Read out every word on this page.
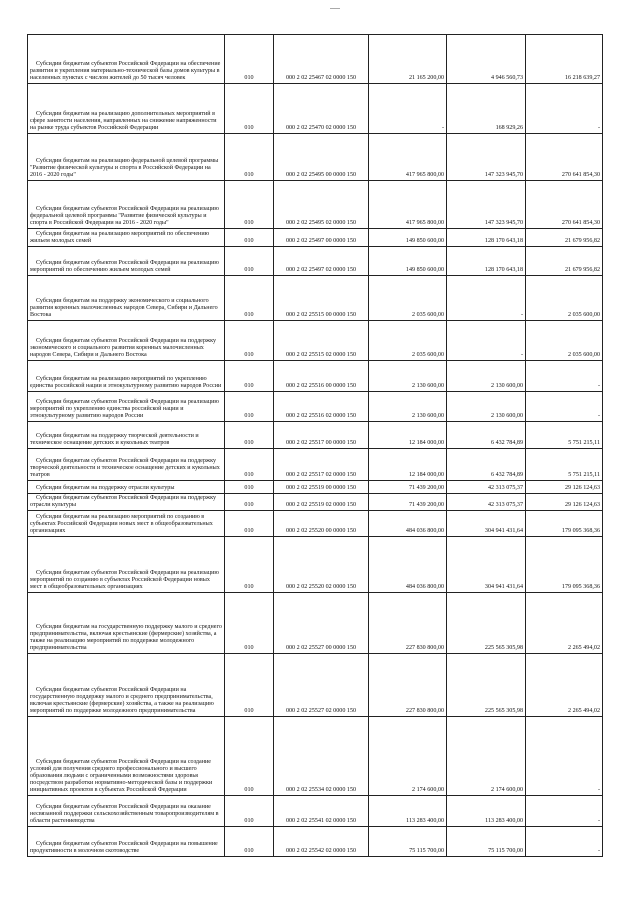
Субсидии бюджетам субъектов Российской Федерации на обеспечение развития и укрепления материально-технической базы домов культуры в населенных пунктах с числом жителей до 50 тысяч человек	010	000 2 02 25467 02 0000 150	21 165 200,00	4 946 560,73	16 218 639,27
Субсидии бюджетам на реализацию дополнительных мероприятий в сфере занятости населения, направленных на снижение напряженности на рынке труда субъектов Российской Федерации	010	000 2 02 25470 02 0000 150	-	168 929,26	-
Субсидии бюджетам на реализацию федеральной целевой программы "Развитие физической культуры и спорта в Российской Федерации на 2016 - 2020 годы"	010	000 2 02 25495 00 0000 150	417 965 800,00	147 323 945,70	270 641 854,30
Субсидии бюджетам субъектов Российской Федерации на реализацию федеральной целевой программы "Развитие физической культуры и спорта в Российской Федерации на 2016 - 2020 годы"	010	000 2 02 25495 02 0000 150	417 965 800,00	147 323 945,70	270 641 854,30
Субсидии бюджетам на реализацию мероприятий по обеспечению жильем молодых семей	010	000 2 02 25497 00 0000 150	149 850 600,00	128 170 643,18	21 679 956,82
Субсидии бюджетам субъектов Российской Федерации на реализацию мероприятий по обеспечению жильем молодых семей	010	000 2 02 25497 02 0000 150	149 850 600,00	128 170 643,18	21 679 956,82
Субсидии бюджетам на поддержку экономического и социального развития коренных малочисленных народов Севера, Сибири и Дальнего Востока	010	000 2 02 25515 00 0000 150	2 035 600,00	-	2 035 600,00
Субсидии бюджетам субъектов Российской Федерации на поддержку экономического и социального развития коренных малочисленных народов Севера, Сибири и Дальнего Востока	010	000 2 02 25515 02 0000 150	2 035 600,00	-	2 035 600,00
Субсидии бюджетам на реализацию мероприятий по укреплению единства российской нации и этнокультурному развитию народов России	010	000 2 02 25516 00 0000 150	2 130 600,00	2 130 600,00	-
Субсидии бюджетам субъектов Российской Федерации на реализацию мероприятий по укреплению единства российской нации и этнокультурному развитию народов России	010	000 2 02 25516 02 0000 150	2 130 600,00	2 130 600,00	-
Субсидии бюджетам на поддержку творческой деятельности и техническое оснащение детских и кукольных театров	010	000 2 02 25517 00 0000 150	12 184 000,00	6 432 784,89	5 751 215,11
Субсидии бюджетам субъектов Российской Федерации на поддержку творческой деятельности и техническое оснащение детских и кукольных театров	010	000 2 02 25517 02 0000 150	12 184 000,00	6 432 784,89	5 751 215,11
Субсидии бюджетам на поддержку отрасли культуры	010	000 2 02 25519 00 0000 150	71 439 200,00	42 313 075,37	29 126 124,63
Субсидии бюджетам субъектов Российской Федерации на поддержку отрасли культуры	010	000 2 02 25519 02 0000 150	71 439 200,00	42 313 075,37	29 126 124,63
Субсидии бюджетам на реализацию мероприятий по созданию в субъектах Российской Федерации новых мест в общеобразовательных организациях	010	000 2 02 25520 00 0000 150	484 036 800,00	304 941 431,64	179 095 368,36
Субсидии бюджетам субъектов Российской Федерации на реализацию мероприятий по созданию в субъектах Российской Федерации новых мест в общеобразовательных организациях	010	000 2 02 25520 02 0000 150	484 036 800,00	304 941 431,64	179 095 368,36
Субсидии бюджетам на государственную поддержку малого и среднего предпринимательства, включая крестьянские (фермерские) хозяйства, а также на реализацию мероприятий по поддержке молодежного предпринимательства	010	000 2 02 25527 00 0000 150	227 830 800,00	225 565 305,98	2 265 494,02
Субсидии бюджетам субъектов Российской Федерации на государственную поддержку малого и среднего предпринимательства, включая крестьянские (фермерские) хозяйства, а также на реализацию мероприятий по поддержке молодежного предпринимательства	010	000 2 02 25527 02 0000 150	227 830 800,00	225 565 305,98	2 265 494,02
Субсидии бюджетам субъектов Российской Федерации на создание условий для получения среднего профессионального и высшего образования людьми с ограниченными возможностями здоровья посредством разработки нормативно-методической базы и поддержки инициативных проектов в субъектах Российской Федерации	010	000 2 02 25534 02 0000 150	2 174 600,00	2 174 600,00	-
Субсидии бюджетам субъектов Российской Федерации на оказание несвязанной поддержки сельскохозяйственным товаропроизводителям в области растениеводства	010	000 2 02 25541 02 0000 150	113 283 400,00	113 283 400,00	-
Субсидии бюджетам субъектов Российской Федерации на повышение продуктивности в молочном скотоводстве	010	000 2 02 25542 02 0000 150	75 115 700,00	75 115 700,00	-
